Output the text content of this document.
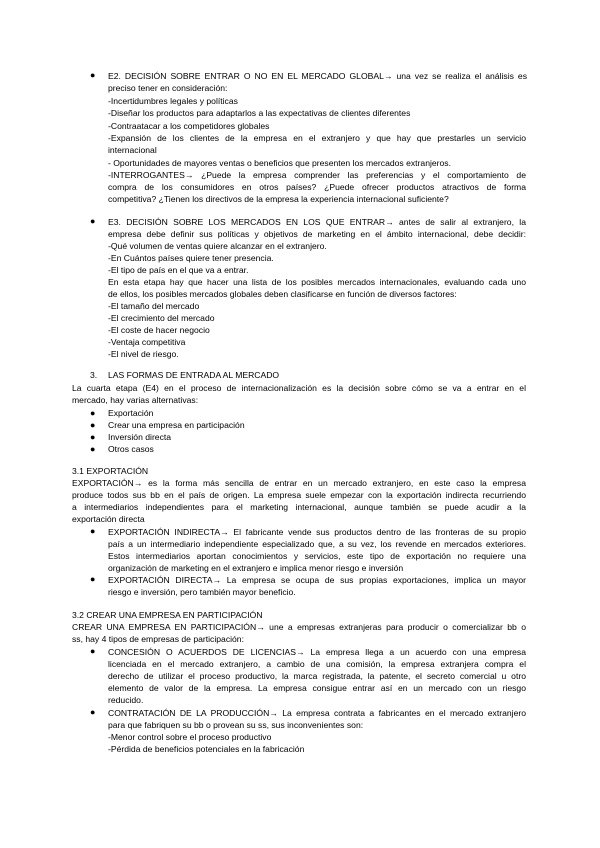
● E2. DECISIÓN SOBRE ENTRAR O NO EN EL MERCADO GLOBAL→ una vez se realiza el análisis es

preciso tener en consideración:

-Incertidumbres legales y políticas

-Diseñar los productos para adaptarlos a las expectativas de clientes diferentes

-Contraatacar a los competidores globales

-Expansión de los clientes de la empresa en el extranjero y que hay que prestarles un servicio

internacional

- Oportunidades de mayores ventas o beneficios que presenten los mercados extranjeros.

-INTERROGANTES→ ¿Puede la empresa comprender las preferencias y el comportamiento de

compra de los consumidores en otros países? ¿Puede ofrecer productos atractivos de forma

competitiva? ¿Tienen los directivos de la empresa la experiencia internacional suficiente?

● E3. DECISIÓN SOBRE LOS MERCADOS EN LOS QUE ENTRAR→ antes de salir al extranjero, la

empresa debe definir sus políticas y objetivos de marketing en el ámbito internacional, debe decidir:

-Qué volumen de ventas quiere alcanzar en el extranjero.

-En Cuántos países quiere tener presencia.

-El tipo de país en el que va a entrar.

En esta etapa hay que hacer una lista de los posibles mercados internacionales, evaluando cada uno

de ellos, los posibles mercados globales deben clasificarse en función de diversos factores:

-El tamaño del mercado

-El crecimiento del mercado

-El coste de hacer negocio

-Ventaja competitiva

-El nivel de riesgo.

3. LAS FORMAS DE ENTRADA AL MERCADO

La cuarta etapa (E4) en el proceso de internacionalización es la decisión sobre cómo se va a entrar en el

mercado, hay varias alternativas:

● Exportación

● Crear una empresa en participación

● Inversión directa

● Otros casos

3.1 EXPORTACIÓN

EXPORTACIÓN→ es la forma más sencilla de entrar en un mercado extranjero, en este caso la empresa

produce todos sus bb en el país de origen. La empresa suele empezar con la exportación indirecta recurriendo

a intermediarios independientes para el marketing internacional, aunque también se puede acudir a la

exportación directa

● EXPORTACIÓN INDIRECTA→ El fabricante vende sus productos dentro de las fronteras de su propio

país a un intermediario independiente especializado que, a su vez, los revende en mercados exteriores.

Estos intermediarios aportan conocimientos y servicios, este tipo de exportación no requiere una

organización de marketing en el extranjero e implica menor riesgo e inversión

● EXPORTACIÓN DIRECTA→ La empresa se ocupa de sus propias exportaciones, implica un mayor

riesgo e inversión, pero también mayor beneficio.

3.2 CREAR UNA EMPRESA EN PARTICIPACIÓN

CREAR UNA EMPRESA EN PARTICIPACIÓN→ une a empresas extranjeras para producir o comercializar bb o

ss, hay 4 tipos de empresas de participación:

● CONCESIÓN O ACUERDOS DE LICENCIAS→ La empresa llega a un acuerdo con una empresa

licenciada en el mercado extranjero, a cambio de una comisión, la empresa extranjera compra el

derecho de utilizar el proceso productivo, la marca registrada, la patente, el secreto comercial u otro

elemento de valor de la empresa. La empresa consigue entrar así en un mercado con un riesgo

reducido.

● CONTRATACIÓN DE LA PRODUCCIÓN→ La empresa contrata a fabricantes en el mercado extranjero

para que fabriquen su bb o provean su ss, sus inconvenientes son:

-Menor control sobre el proceso productivo

-Pérdida de beneficios potenciales en la fabricación
